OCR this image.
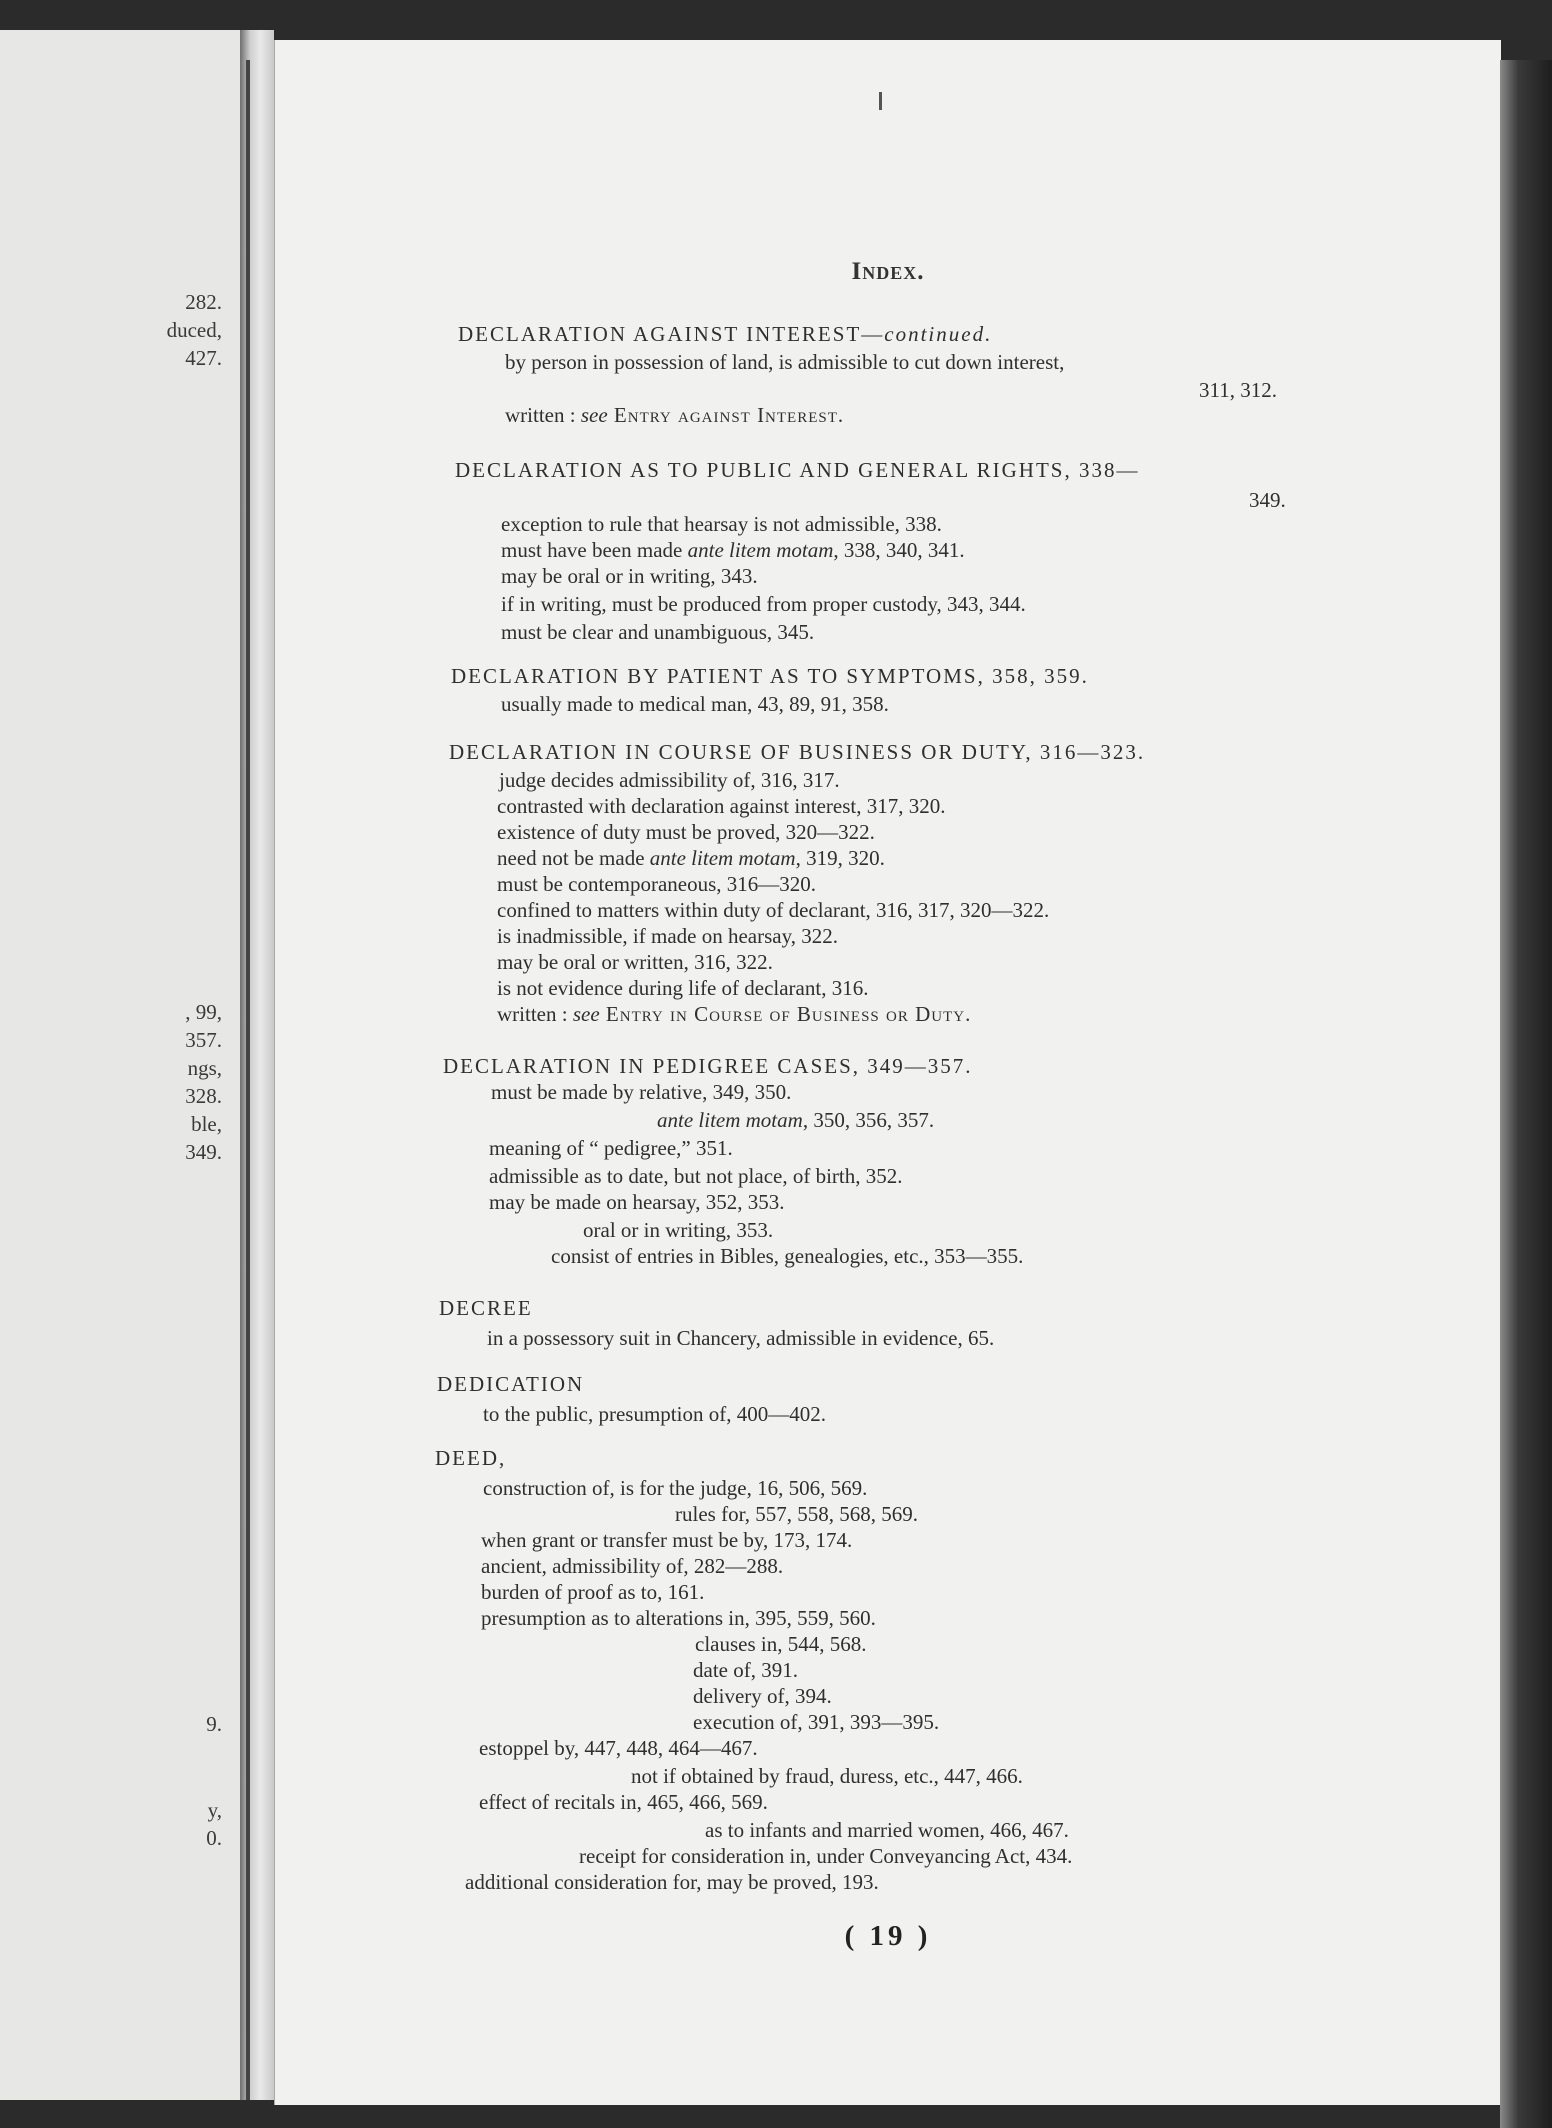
282.
duced,
427.
, 99,
357.
ngs,
328.
ble,
349.
9.
y,
0.
Index.
DECLARATION AGAINST INTEREST—continued.
by person in possession of land, is admissible to cut down interest,
311, 312.
written : see Entry against Interest.
DECLARATION AS TO PUBLIC AND GENERAL RIGHTS, 338—
349.
exception to rule that hearsay is not admissible, 338.
must have been made ante litem motam, 338, 340, 341.
may be oral or in writing, 343.
if in writing, must be produced from proper custody, 343, 344.
must be clear and unambiguous, 345.
DECLARATION BY PATIENT AS TO SYMPTOMS, 358, 359.
usually made to medical man, 43, 89, 91, 358.
DECLARATION IN COURSE OF BUSINESS OR DUTY, 316—323.
judge decides admissibility of, 316, 317.
contrasted with declaration against interest, 317, 320.
existence of duty must be proved, 320—322.
need not be made ante litem motam, 319, 320.
must be contemporaneous, 316—320.
confined to matters within duty of declarant, 316, 317, 320—322.
is inadmissible, if made on hearsay, 322.
may be oral or written, 316, 322.
is not evidence during life of declarant, 316.
written : see Entry in Course of Business or Duty.
DECLARATION IN PEDIGREE CASES, 349—357.
must be made by relative, 349, 350.
ante litem motam, 350, 356, 357.
meaning of “ pedigree,” 351.
admissible as to date, but not place, of birth, 352.
may be made on hearsay, 352, 353.
oral or in writing, 353.
consist of entries in Bibles, genealogies, etc., 353—355.
DECREE
in a possessory suit in Chancery, admissible in evidence, 65.
DEDICATION
to the public, presumption of, 400—402.
DEED,
construction of, is for the judge, 16, 506, 569.
rules for, 557, 558, 568, 569.
when grant or transfer must be by, 173, 174.
ancient, admissibility of, 282—288.
burden of proof as to, 161.
presumption as to alterations in, 395, 559, 560.
clauses in, 544, 568.
date of, 391.
delivery of, 394.
execution of, 391, 393—395.
estoppel by, 447, 448, 464—467.
not if obtained by fraud, duress, etc., 447, 466.
effect of recitals in, 465, 466, 569.
as to infants and married women, 466, 467.
receipt for consideration in, under Conveyancing Act, 434.
additional consideration for, may be proved, 193.
( 19 )
